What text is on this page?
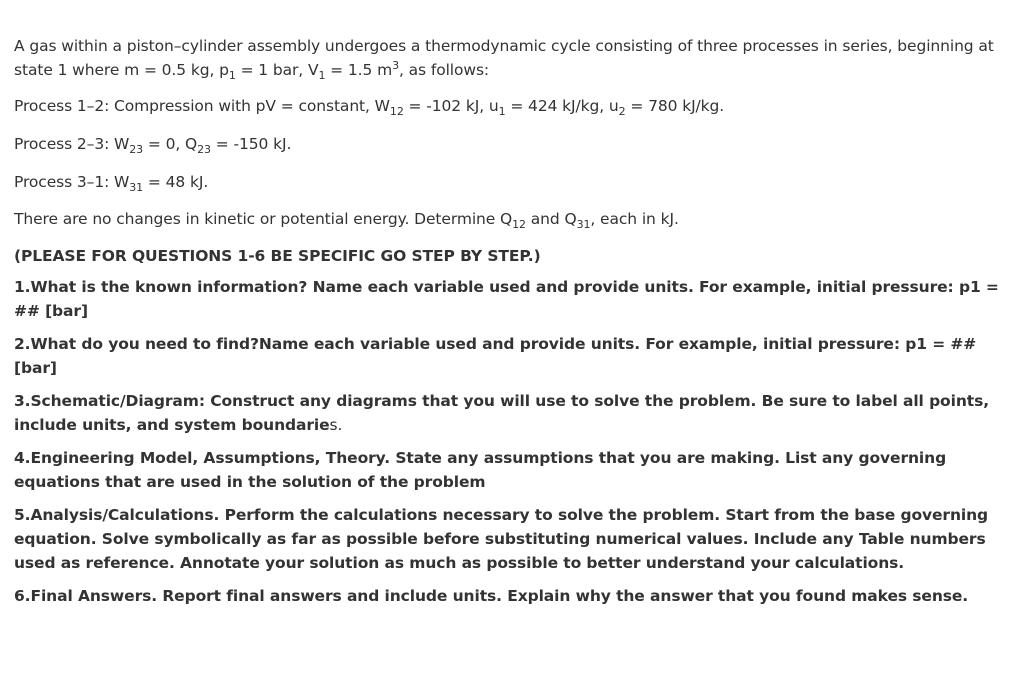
A gas within a piston–cylinder assembly undergoes a thermodynamic cycle consisting of three processes in series, beginning at state 1 where m = 0.5 kg, $p_1 = 1$ bar, $V_1 = 1.5$ $m^3$, as follows:

Process 1–2: Compression with pV = constant, $W_{12} = -102$ kJ, $u_1 = 424$ kJ/kg, $u_2 = 780$ kJ/kg.

Process 2–3: $W_{23} = 0$, $Q_{23} = -150$ kJ.

Process 3–1: $W_{31} = 48$ kJ.

There are no changes in kinetic or potential energy. Determine $Q_{12}$ and $Q_{31}$, each in kJ.

(PLEASE FOR QUESTIONS 1-6 BE SPECIFIC GO STEP BY STEP.)

1.What is the known information? Name each variable used and provide units. For example, initial pressure: p1 = ## [bar]

2.What do you need to find?Name each variable used and provide units. For example, initial pressure: p1 = ## [bar]

3.Schematic/Diagram: Construct any diagrams that you will use to solve the problem. Be sure to label all points, include units, and system boundaries.

4.Engineering Model, Assumptions, Theory. State any assumptions that you are making. List any governing equations that are used in the solution of the problem

5.Analysis/Calculations. Perform the calculations necessary to solve the problem. Start from the base governing equation. Solve symbolically as far as possible before substituting numerical values. Include any Table numbers used as reference. Annotate your solution as much as possible to better understand your calculations.

6.Final Answers. Report final answers and include units. Explain why the answer that you found makes sense.
